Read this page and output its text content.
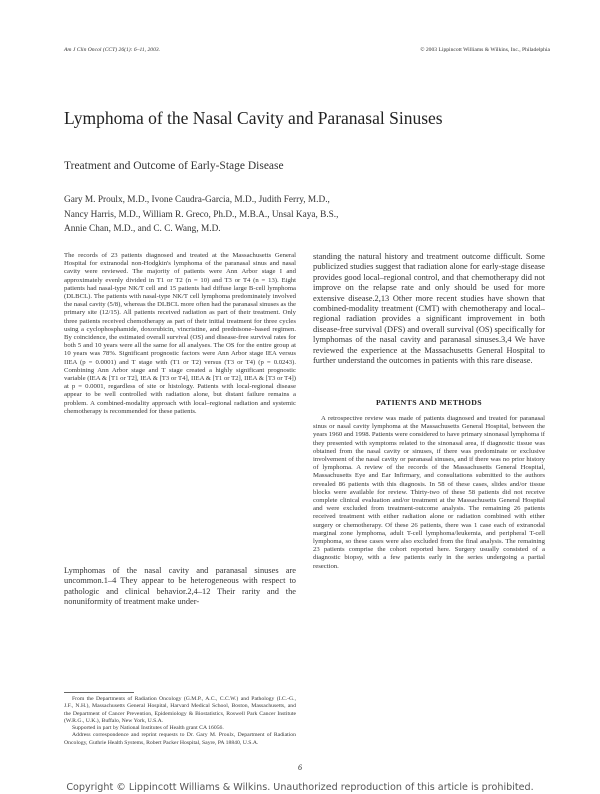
Am J Clin Oncol (CCT) 26(1): 6–11, 2003.	© 2003 Lippincott Williams & Wilkins, Inc., Philadelphia
Lymphoma of the Nasal Cavity and Paranasal Sinuses
Treatment and Outcome of Early-Stage Disease
Gary M. Proulx, M.D., Ivone Caudra-Garcia, M.D., Judith Ferry, M.D.,
Nancy Harris, M.D., William R. Greco, Ph.D., M.B.A., Unsal Kaya, B.S.,
Annie Chan, M.D., and C. C. Wang, M.D.

The records of 23 patients diagnosed and treated at the Massachusetts General Hospital for extranodal non-Hodgkin's lymphoma of the paranasal sinus and nasal cavity were reviewed. The majority of patients were Ann Arbor stage I and approximately evenly divided in T1 or T2 (n = 10) and T3 or T4 (n = 13). Eight patients had nasal-type NK/T cell and 15 patients had diffuse large B-cell lymphoma (DLBCL). The patients with nasal-type NK/T cell lymphoma predominately involved the nasal cavity (5/8), whereas the DLBCL more often had the paranasal sinuses as the primary site (12/15). All patients received radiation as part of their treatment. Only three patients received chemotherapy as part of their initial treatment for three cycles using a cyclophosphamide, doxorubicin, vincristine, and prednisone–based regimen. By coincidence, the estimated overall survival (OS) and disease-free survival rates for both 5 and 10 years were all the same for all analyses. The OS for the entire group at 10 years was 78%. Significant prognostic factors were Ann Arbor stage IEA versus IIEA (p = 0.0001) and T stage with (T1 or T2) versus (T3 or T4) (p = 0.0243). Combining Ann Arbor stage and T stage created a highly significant prognostic variable (IEA & [T1 or T2], IEA & [T3 or T4], IIEA & [T1 or T2], IIEA & [T3 or T4]) at p = 0.0001, regardless of site or histology. Patients with local-regional disease appear to be well controlled with radiation alone, but distant failure remains a problem. A combined-modality approach with local–regional radiation and systemic chemotherapy is recommended for these patients.

Lymphomas of the nasal cavity and paranasal sinuses are uncommon.1–4 They appear to be heterogeneous with respect to pathologic and clinical behavior.2,4–12 Their rarity and the nonuniformity of treatment make under-

From the Departments of Radiation Oncology (G.M.P., A.C., C.C.W.) and Pathology (I.C.-G., J.F., N.H.), Massachusetts General Hospital, Harvard Medical School, Boston, Massachusetts, and the Department of Cancer Prevention, Epidemiology & Biostatistics, Roswell Park Cancer Institute (W.R.G., U.K.), Buffalo, New York, U.S.A.

Supported in part by National Institutes of Health grant CA 16056.

Address correspondence and reprint requests to Dr. Gary M. Proulx, Department of Radiation Oncology, Guthrie Health Systems, Robert Packer Hospital, Sayre, PA 18840, U.S.A.

standing the natural history and treatment outcome difficult. Some publicized studies suggest that radiation alone for early-stage disease provides good local–regional control, and that chemotherapy did not improve on the relapse rate and only should be used for more extensive disease.2,13 Other more recent studies have shown that combined-modality treatment (CMT) with chemotherapy and local–regional radiation provides a significant improvement in both disease-free survival (DFS) and overall survival (OS) specifically for lymphomas of the nasal cavity and paranasal sinuses.3,4 We have reviewed the experience at the Massachusetts General Hospital to further understand the outcomes in patients with this rare disease.

PATIENTS AND METHODS

A retrospective review was made of patients diagnosed and treated for paranasal sinus or nasal cavity lymphoma at the Massachusetts General Hospital, between the years 1960 and 1998. Patients were considered to have primary sinonasal lymphoma if they presented with symptoms related to the sinonasal area, if diagnostic tissue was obtained from the nasal cavity or sinuses, if there was predominate or exclusive involvement of the nasal cavity or paranasal sinuses, and if there was no prior history of lymphoma. A review of the records of the Massachusetts General Hospital, Massachusetts Eye and Ear Infirmary, and consultations submitted to the authors revealed 86 patients with this diagnosis. In 58 of these cases, slides and/or tissue blocks were available for review. Thirty-two of these 58 patients did not receive complete clinical evaluation and/or treatment at the Massachusetts General Hospital and were excluded from treatment-outcome analysis. The remaining 26 patients received treatment with either radiation alone or radiation combined with either surgery or chemotherapy. Of these 26 patients, there was 1 case each of extranodal marginal zone lymphoma, adult T-cell lymphoma/leukemia, and peripheral T-cell lymphoma, so these cases were also excluded from the final analysis. The remaining 23 patients comprise the cohort reported here. Surgery usually consisted of a diagnostic biopsy, with a few patients early in the series undergoing a partial resection.

6
Copyright © Lippincott Williams & Wilkins. Unauthorized reproduction of this article is prohibited.
